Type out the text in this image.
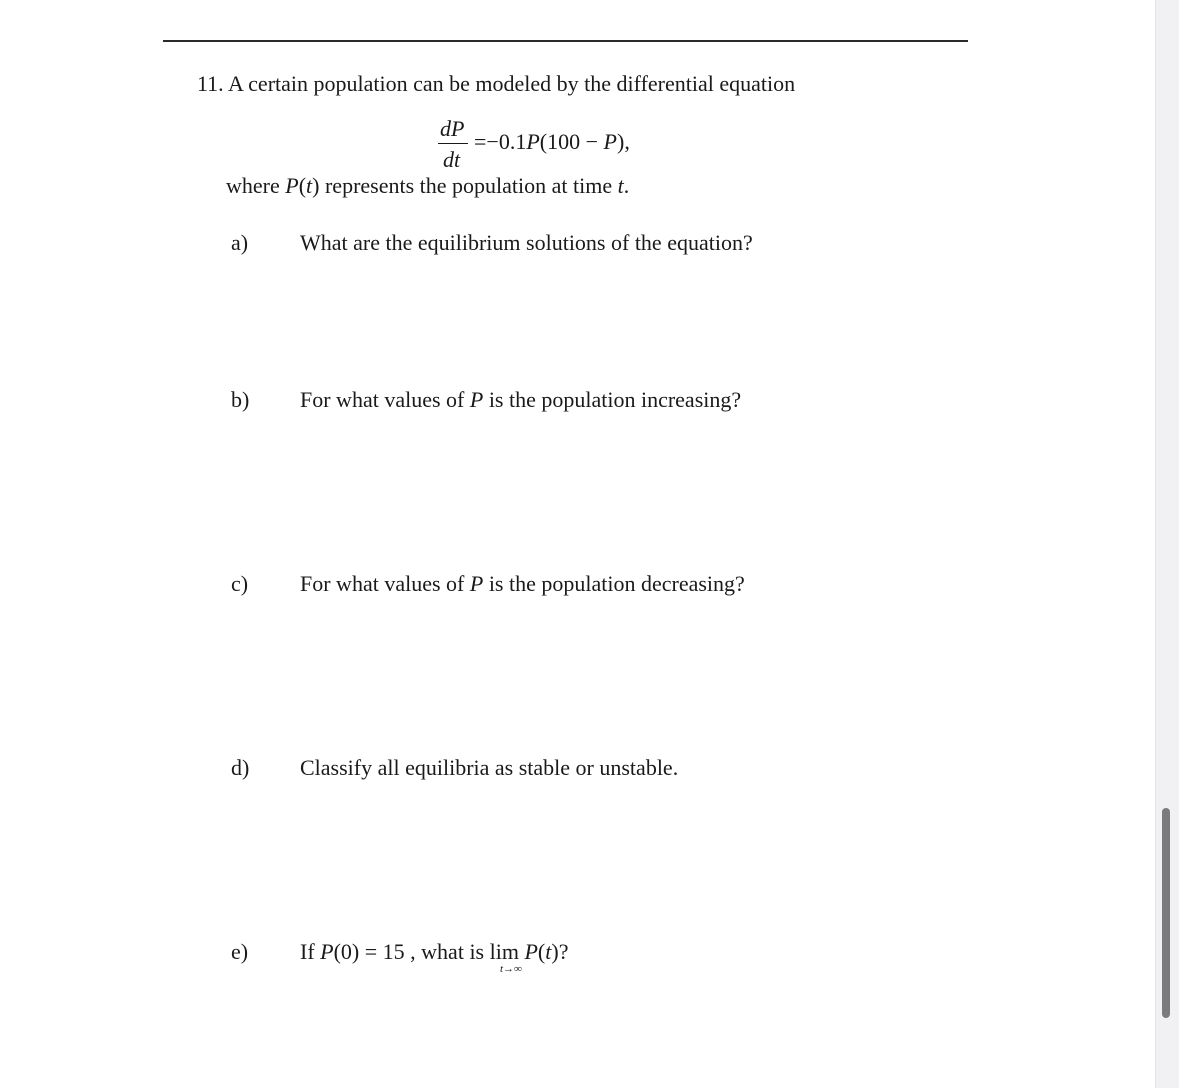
11. A certain population can be modeled by the differential equation
dP
dt
=−0.1P(100 − P),
where P(t) represents the population at time t.
a) What are the equilibrium solutions of the equation?
b) For what values of P is the population increasing?
c) For what values of P is the population decreasing?
d) Classify all equilibria as stable or unstable.
e) If P(0) = 15 , what is lim P(t)?
t→∞
